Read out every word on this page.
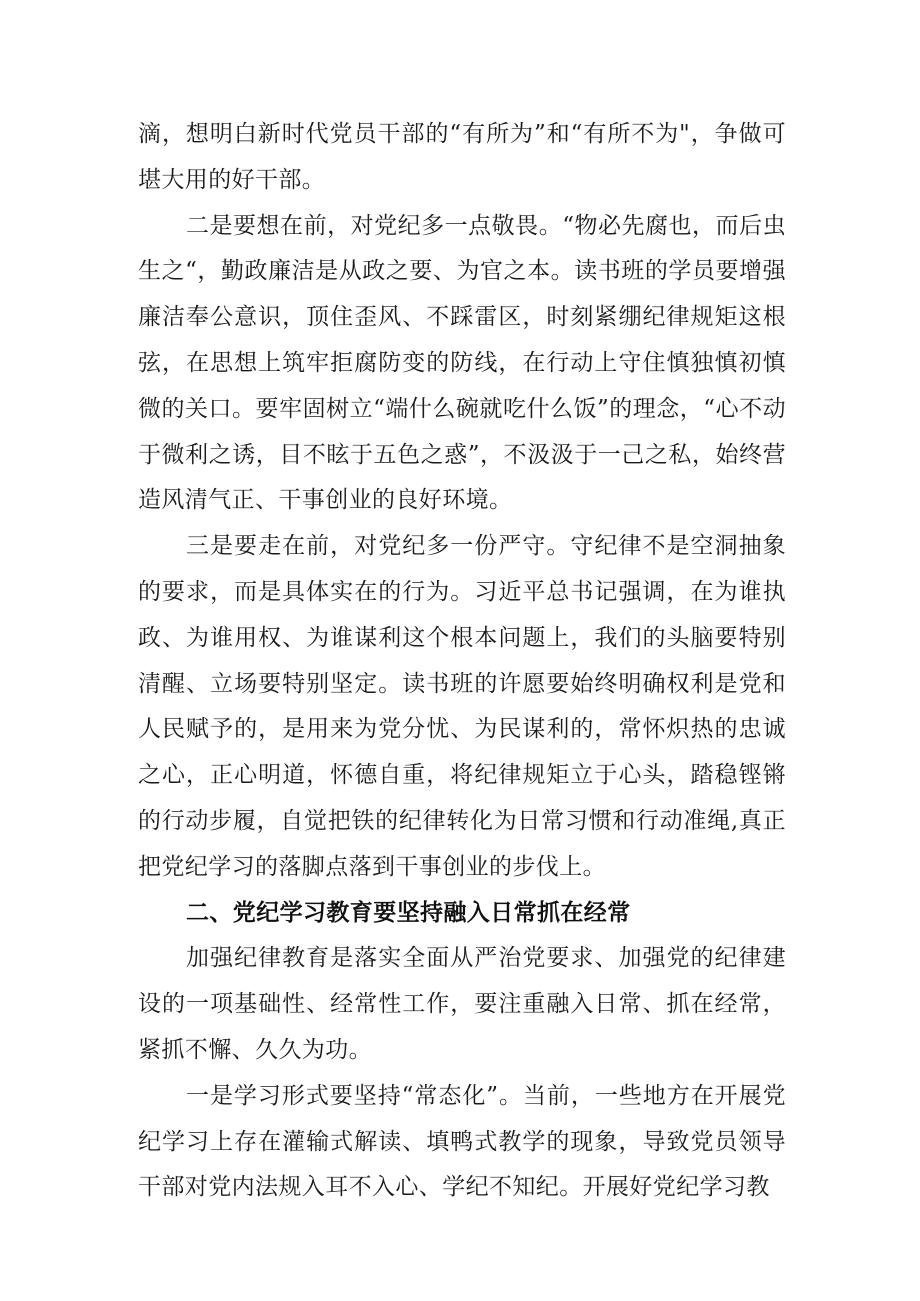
滴，想明白新时代党员干部的“有所为”和“有所不为"，争做可堪大用的好干部。

二是要想在前，对党纪多一点敬畏。“物必先腐也，而后虫生之“，勤政廉洁是从政之要、为官之本。读书班的学员要增强廉洁奉公意识，顶住歪风、不踩雷区，时刻紧绷纪律规矩这根弦，在思想上筑牢拒腐防变的防线，在行动上守住慎独慎初慎微的关口。要牢固树立“端什么碗就吃什么饭”的理念，“心不动于微利之诱，目不眩于五色之惑”，不汲汲于一己之私，始终营造风清气正、干事创业的良好环境。

三是要走在前，对党纪多一份严守。守纪律不是空洞抽象的要求，而是具体实在的行为。习近平总书记强调，在为谁执政、为谁用权、为谁谋利这个根本问题上，我们的头脑要特别清醒、立场要特别坚定。读书班的许愿要始终明确权利是党和人民赋予的，是用来为党分忧、为民谋利的，常怀炽热的忠诚之心，正心明道，怀德自重，将纪律规矩立于心头，踏稳铿锵的行动步履，自觉把铁的纪律转化为日常习惯和行动准绳,真正把党纪学习的落脚点落到干事创业的步伐上。

二、党纪学习教育要坚持融入日常抓在经常

加强纪律教育是落实全面从严治党要求、加强党的纪律建设的一项基础性、经常性工作，要注重融入日常、抓在经常，紧抓不懈、久久为功。

一是学习形式要坚持“常态化”。当前，一些地方在开展党纪学习上存在灌输式解读、填鸭式教学的现象，导致党员领导干部对党内法规入耳不入心、学纪不知纪。开展好党纪学习教
